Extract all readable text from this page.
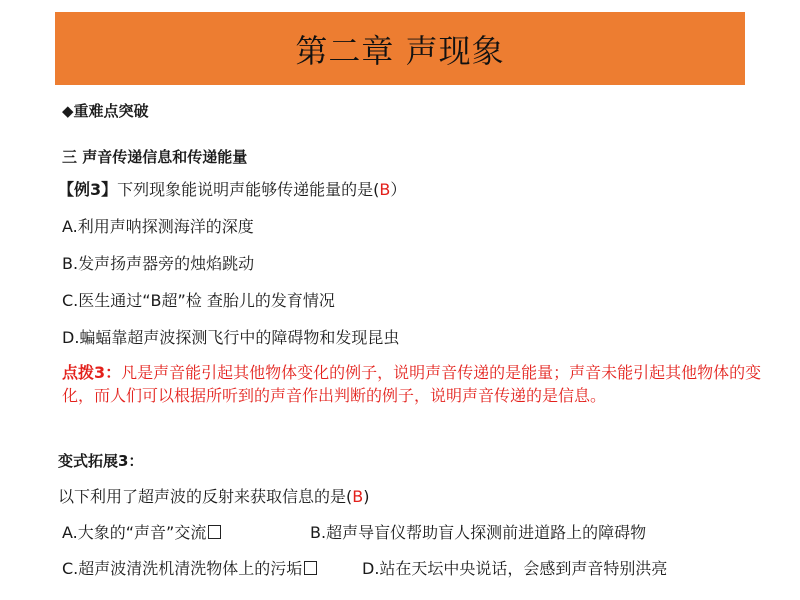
第二章 声现象
◆重难点突破
三 声音传递信息和传递能量
【例3】下列现象能说明声能够传递能量的是(B）
A.利用声呐探测海洋的深度
B.发声扬声器旁的烛焰跳动
C.医生通过“B超”检 查胎儿的发育情况
D.蝙蝠靠超声波探测飞行中的障碍物和发现昆虫
点拨3：凡是声音能引起其他物体变化的例子，说明声音传递的是能量；声音未能引起其他物体的变化，而人们可以根据所听到的声音作出判断的例子，说明声音传递的是信息。
变式拓展3：
以下利用了超声波的反射来获取信息的是(B)
A.大象的“声音”交流	B.超声导盲仪帮助盲人探测前进道路上的障碍物
C.超声波清洗机清洗物体上的污垢	D.站在天坛中央说话，会感到声音特别洪亮
